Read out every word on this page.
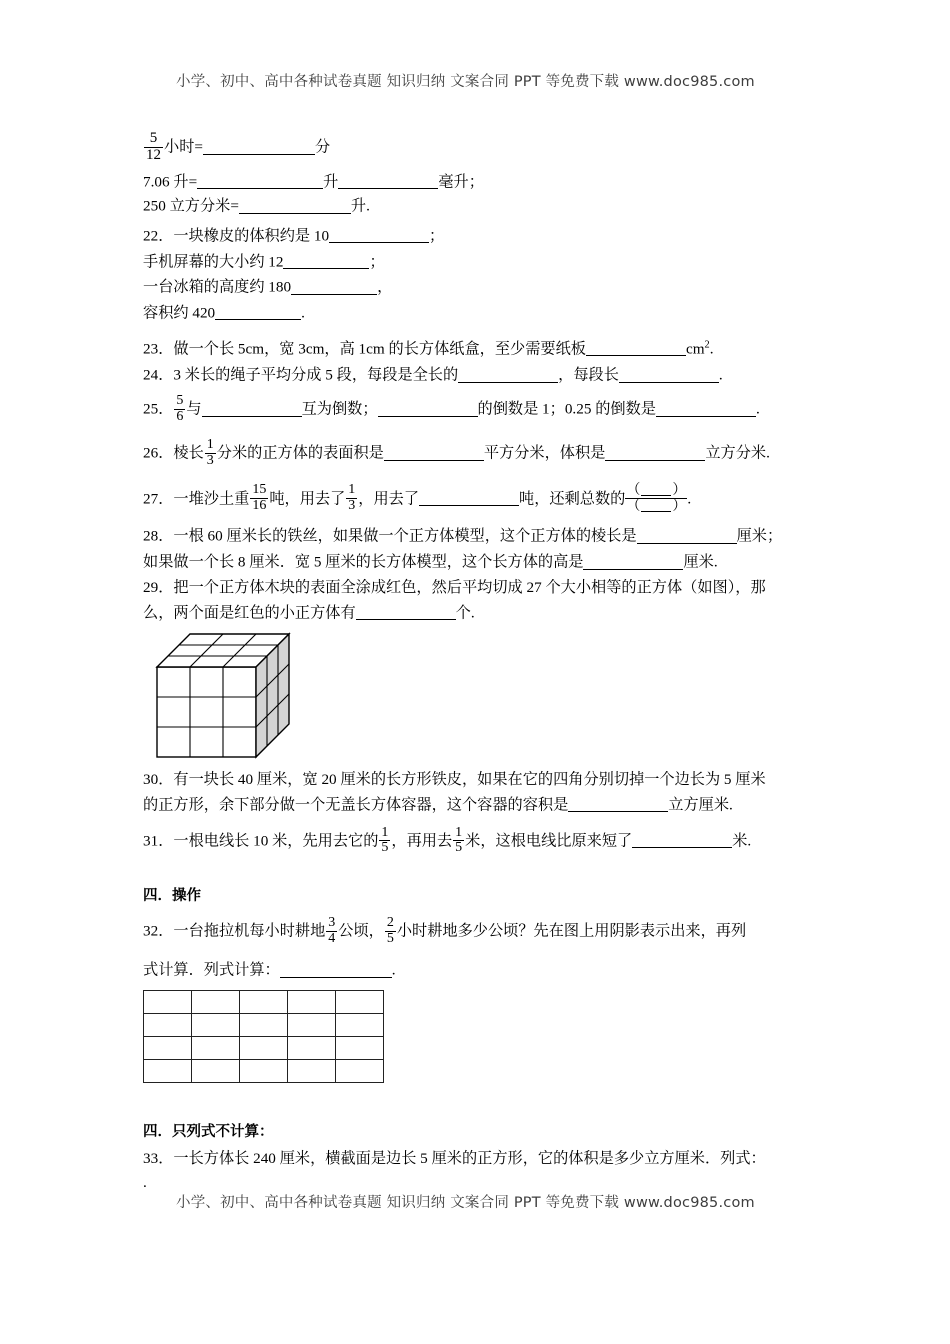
小学、初中、高中各种试卷真题 知识归纳 文案合同 PPT 等免费下载 www.doc985.com
$\frac{5}{12}$ 小时=	分
7.06 升=	升	毫升；
250 立方分米=	升.
22．一块橡皮的体积约是 10	；
手机屏幕的大小约 12	；
一台冰箱的高度约 180	，
容积约 420	.
23．做一个长 5cm，宽 3cm，高 1cm 的长方体纸盒，至少需要纸板	$cm^2$.
24．3 米长的绳子平均分成 5 段，每段是全长的	，每段长	.
25． $\frac{5}{6}$ 与	互为倒数；	的倒数是 1；0.25 的倒数是	.
26．棱长 $\frac{1}{3}$ 分米的正方体的表面积是	平方分米，体积是	立方分米.
27．一堆沙土重 $\frac{15}{16}$ 吨，用去了 $\frac{1}{3}$ ，用去了	吨，还剩总数的 $\frac{( )}{( )}$ .
28．一根 60 厘米长的铁丝，如果做一个正方体模型，这个正方体的棱长是	厘米；
如果做一个长 8 厘米．宽 5 厘米的长方体模型，这个长方体的高是	厘米.
29．把一个正方体木块的表面全涂成红色，然后平均切成 27 个大小相等的正方体（如图），那
么，两个面是红色的小正方体有	个.
30．有一块长 40 厘米，宽 20 厘米的长方形铁皮，如果在它的四角分别切掉一个边长为 5 厘米
的正方形，余下部分做一个无盖长方体容器，这个容器的容积是	立方厘米.
31．一根电线长 10 米，先用去它的 $\frac{1}{5}$ ，再用去 $\frac{1}{5}$ 米，这根电线比原来短了	米.
四．操作
32．一台拖拉机每小时耕地 $\frac{3}{4}$ 公顷， $\frac{2}{5}$ 小时耕地多少公顷？先在图上用阴影表示出来，再列
式计算．列式计算：	.

四．只列式不计算：
33．一长方体长 240 厘米，横截面是边长 5 厘米的正方形，它的体积是多少立方厘米．列式：
.
小学、初中、高中各种试卷真题 知识归纳 文案合同 PPT 等免费下载 www.doc985.com
